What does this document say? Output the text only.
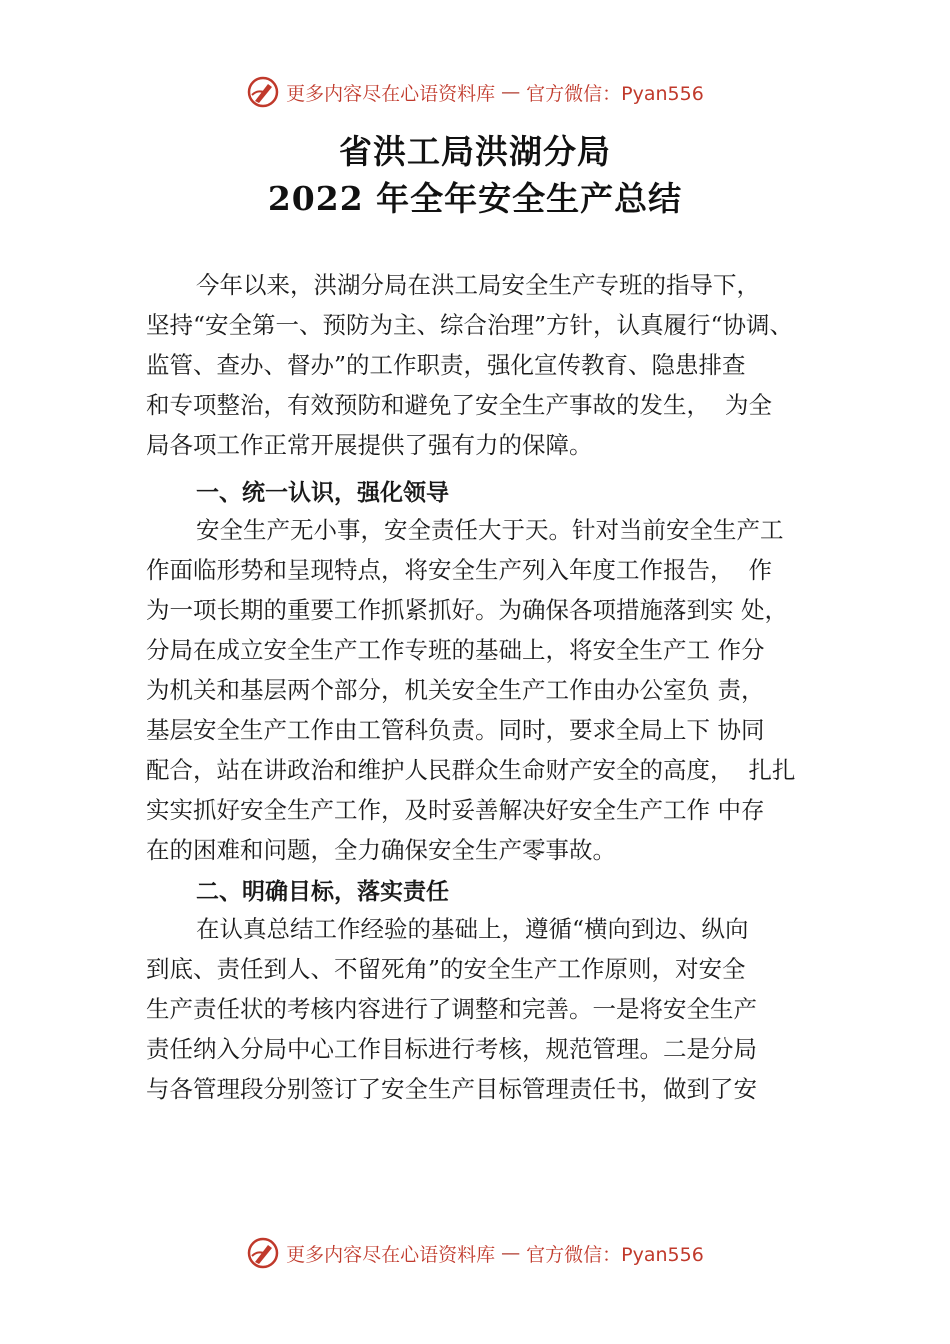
更多内容尽在心语资料库 — 官方微信：Pyan556
省洪工局洪湖分局
2022 年全年安全生产总结
今年以来，洪湖分局在洪工局安全生产专班的指导下，
坚持“安全第一、预防为主、综合治理”方针，认真履行“协调、
监管、查办、督办”的工作职责，强化宣传教育、隐患排查
和专项整治，有效预防和避免了安全生产事故的发生，  为全
局各项工作正常开展提供了强有力的保障。
一、统一认识，强化领导
安全生产无小事，安全责任大于天。针对当前安全生产工
作面临形势和呈现特点，将安全生产列入年度工作报告，  作
为一项长期的重要工作抓紧抓好。为确保各项措施落到实 处，
分局在成立安全生产工作专班的基础上，将安全生产工 作分
为机关和基层两个部分，机关安全生产工作由办公室负 责，
基层安全生产工作由工管科负责。同时，要求全局上下 协同
配合，站在讲政治和维护人民群众生命财产安全的高度，  扎扎
实实抓好安全生产工作，及时妥善解决好安全生产工作 中存
在的困难和问题，全力确保安全生产零事故。
二、明确目标，落实责任
在认真总结工作经验的基础上，遵循“横向到边、纵向
到底、责任到人、不留死角”的安全生产工作原则，对安全
生产责任状的考核内容进行了调整和完善。一是将安全生产
责任纳入分局中心工作目标进行考核，规范管理。二是分局
与各管理段分别签订了安全生产目标管理责任书，做到了安
更多内容尽在心语资料库 — 官方微信：Pyan556
